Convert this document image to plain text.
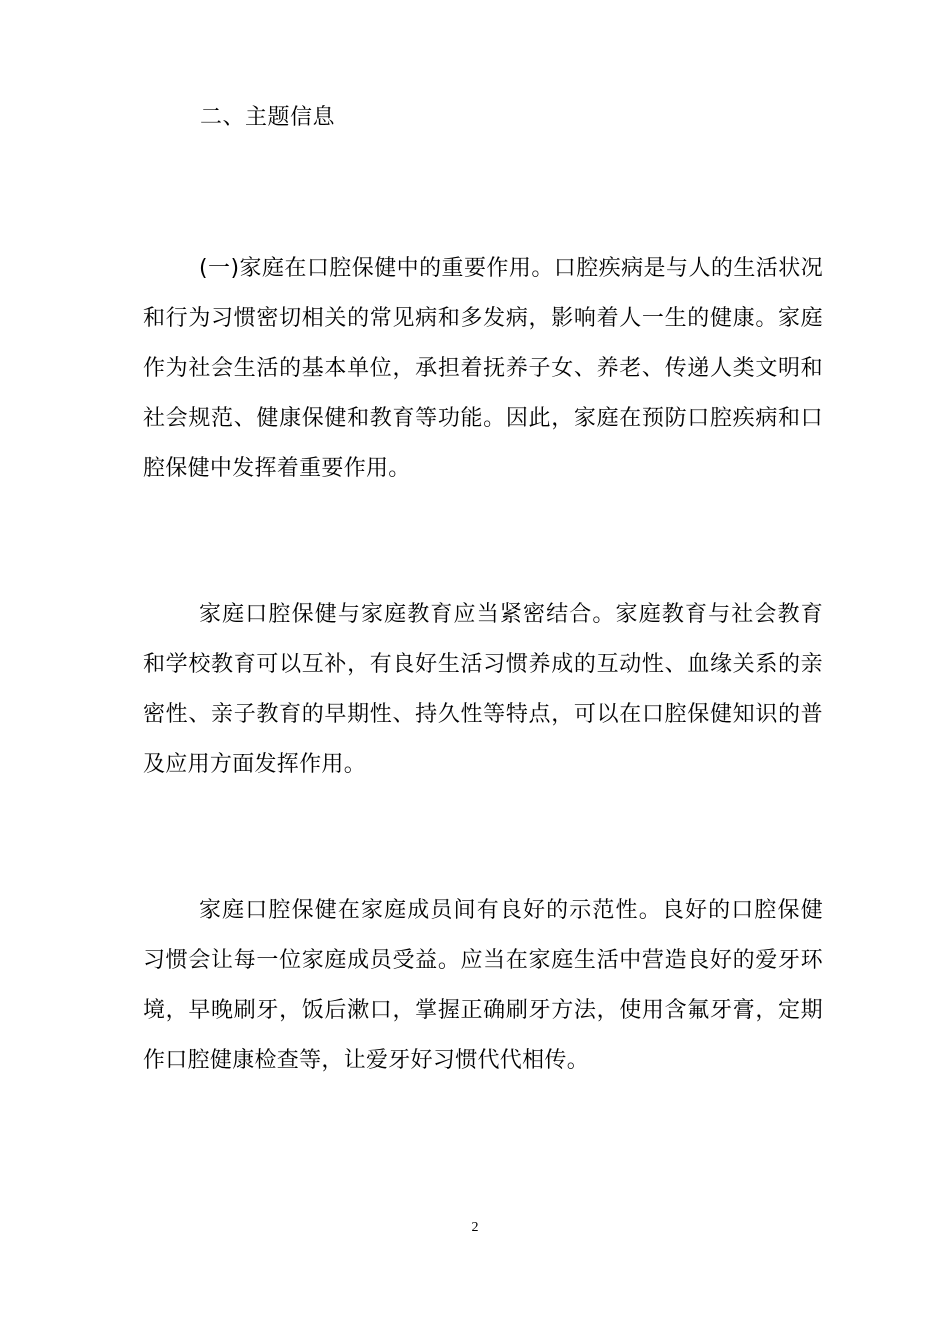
二、主题信息

(一)家庭在口腔保健中的重要作用。口腔疾病是与人的生活状况和行为习惯密切相关的常见病和多发病，影响着人一生的健康。家庭作为社会生活的基本单位，承担着抚养子女、养老、传递人类文明和社会规范、健康保健和教育等功能。因此，家庭在预防口腔疾病和口腔保健中发挥着重要作用。

家庭口腔保健与家庭教育应当紧密结合。家庭教育与社会教育和学校教育可以互补，有良好生活习惯养成的互动性、血缘关系的亲密性、亲子教育的早期性、持久性等特点，可以在口腔保健知识的普及应用方面发挥作用。

家庭口腔保健在家庭成员间有良好的示范性。良好的口腔保健习惯会让每一位家庭成员受益。应当在家庭生活中营造良好的爱牙环境，早晚刷牙，饭后漱口，掌握正确刷牙方法，使用含氟牙膏，定期作口腔健康检查等，让爱牙好习惯代代相传。

2
